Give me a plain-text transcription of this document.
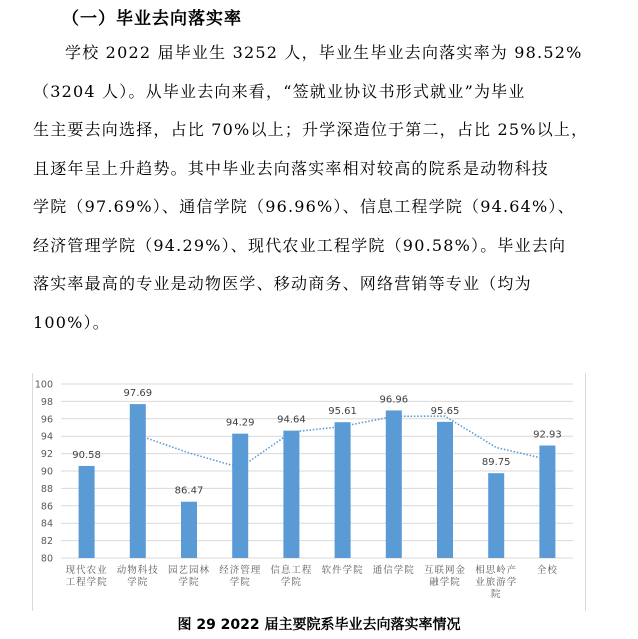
（一）毕业去向落实率
学校 2022 届毕业生 3252 人，毕业生毕业去向落实率为 98.52%
（3204 人）。从毕业去向来看，“签就业协议书形式就业”为毕业
生主要去向选择，占比 70%以上；升学深造位于第二，占比 25%以上，
且逐年呈上升趋势。其中毕业去向落实率相对较高的院系是动物科技
学院（97.69%）、通信学院（96.96%）、信息工程学院（94.64%）、
经济管理学院（94.29%）、现代农业工程学院（90.58%）。毕业去向
落实率最高的专业是动物医学、移动商务、网络营销等专业（均为
100%）。
80
82
84
86
88
90
92
94
96
98
100
90.58
现代农业
工程学院
97.69
动物科技
学院
86.47
园艺园林
学院
94.29
经济管理
学院
94.64
信息工程
学院
95.61
软件学院
96.96
通信学院
95.65
互联网金
融学院
89.75
相思岭产
业旅游学
院
92.93
全校
图 29 2022 届主要院系毕业去向落实率情况
